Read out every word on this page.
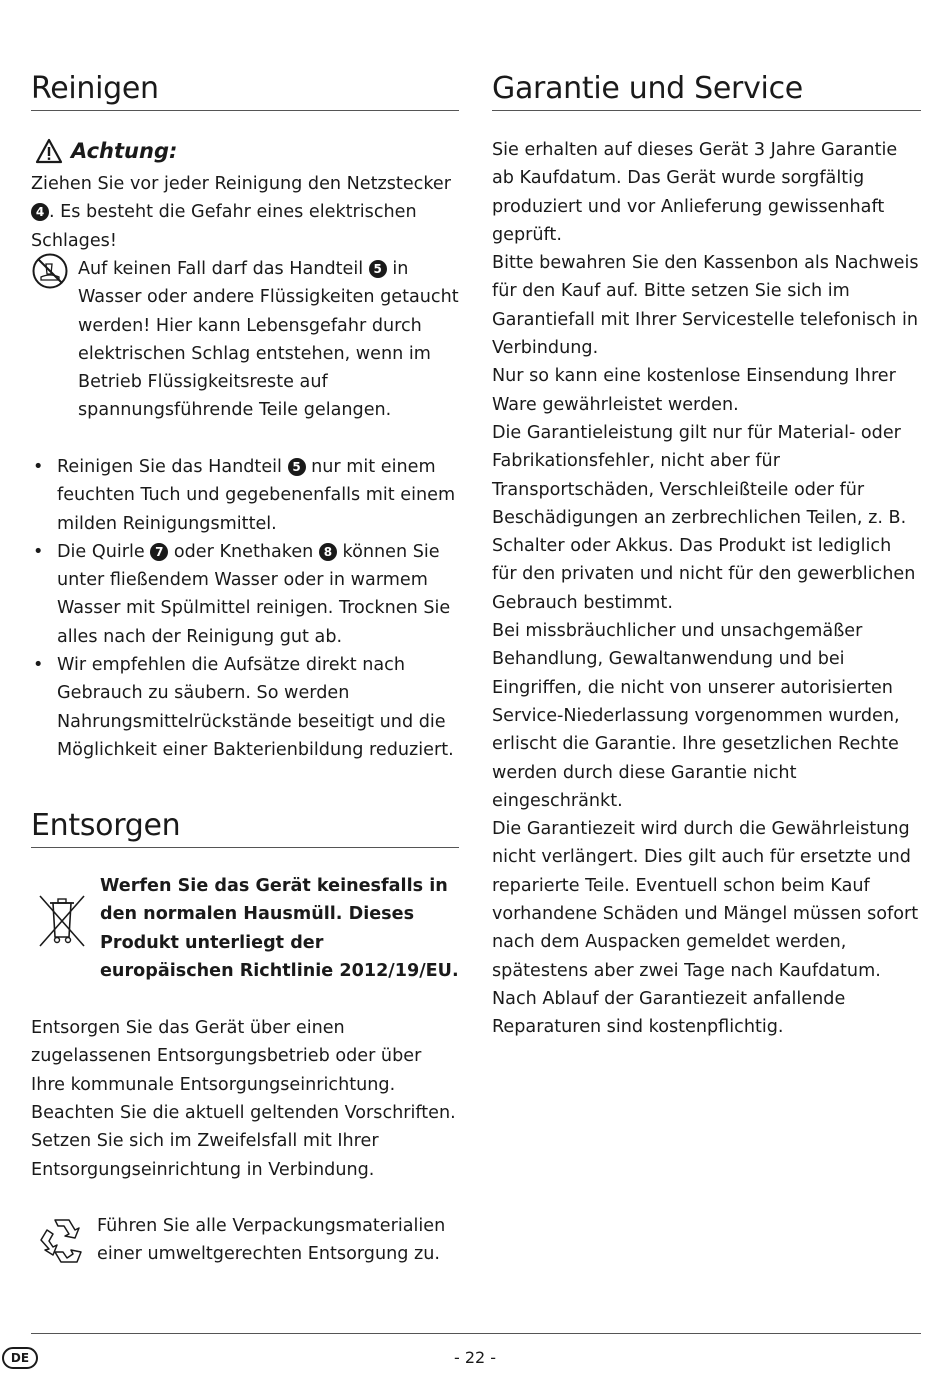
Reinigen
Achtung:

Ziehen Sie vor jeder Reinigung den Netzstecker 4 . Es besteht die Gefahr eines elektrischen Schlages!

Auf keinen Fall darf das Handteil 5 in Wasser oder andere Flüssigkeiten getaucht werden! Hier kann Lebensgefahr durch elektrischen Schlag entstehen, wenn im Betrieb Flüssigkeitsreste auf spannungsführende Teile gelangen.

• Reinigen Sie das Handteil 5 nur mit einem feuchten Tuch und gegebenenfalls mit einem milden Reinigungsmittel.
• Die Quirle 7 oder Knethaken 8 können Sie unter fließendem Wasser oder in warmem Wasser mit Spülmittel reinigen. Trocknen Sie alles nach der Reinigung gut ab.
• Wir empfehlen die Aufsätze direkt nach Gebrauch zu säubern. So werden Nahrungsmittelrückstände beseitigt und die Möglichkeit einer Bakterienbildung reduziert.
Entsorgen

Werfen Sie das Gerät keinesfalls in den normalen Hausmüll. Dieses Produkt unterliegt der europäischen Richtlinie 2012/19/EU.

Entsorgen Sie das Gerät über einen zugelassenen Entsorgungsbetrieb oder über Ihre kommunale Entsorgungseinrichtung.

Beachten Sie die aktuell geltenden Vorschriften. Setzen Sie sich im Zweifelsfall mit Ihrer Entsorgungseinrichtung in Verbindung.

Führen Sie alle Verpackungsmaterialien einer umweltgerechten Entsorgung zu.

Garantie und Service

Sie erhalten auf dieses Gerät 3 Jahre Garantie ab Kaufdatum. Das Gerät wurde sorgfältig produziert und vor Anlieferung gewissenhaft geprüft.

Bitte bewahren Sie den Kassenbon als Nachweis für den Kauf auf. Bitte setzen Sie sich im Garantiefall mit Ihrer Servicestelle telefonisch in Verbindung.

Nur so kann eine kostenlose Einsendung Ihrer Ware gewährleistet werden.

Die Garantieleistung gilt nur für Material- oder Fabrikationsfehler, nicht aber für Transportschäden, Verschleißteile oder für Beschädigungen an zerbrechlichen Teilen, z. B. Schalter oder Akkus. Das Produkt ist lediglich für den privaten und nicht für den gewerblichen Gebrauch bestimmt.

Bei missbräuchlicher und unsachgemäßer Behandlung, Gewaltanwendung und bei Eingriffen, die nicht von unserer autorisierten Service-Niederlassung vorgenommen wurden, erlischt die Garantie. Ihre gesetzlichen Rechte werden durch diese Garantie nicht eingeschränkt.

Die Garantiezeit wird durch die Gewährleistung nicht verlängert. Dies gilt auch für ersetzte und reparierte Teile. Eventuell schon beim Kauf vorhandene Schäden und Mängel müssen sofort nach dem Auspacken gemeldet werden, spätestens aber zwei Tage nach Kaufdatum. Nach Ablauf der Garantiezeit anfallende Reparaturen sind kostenpflichtig.

DE	- 22 -
